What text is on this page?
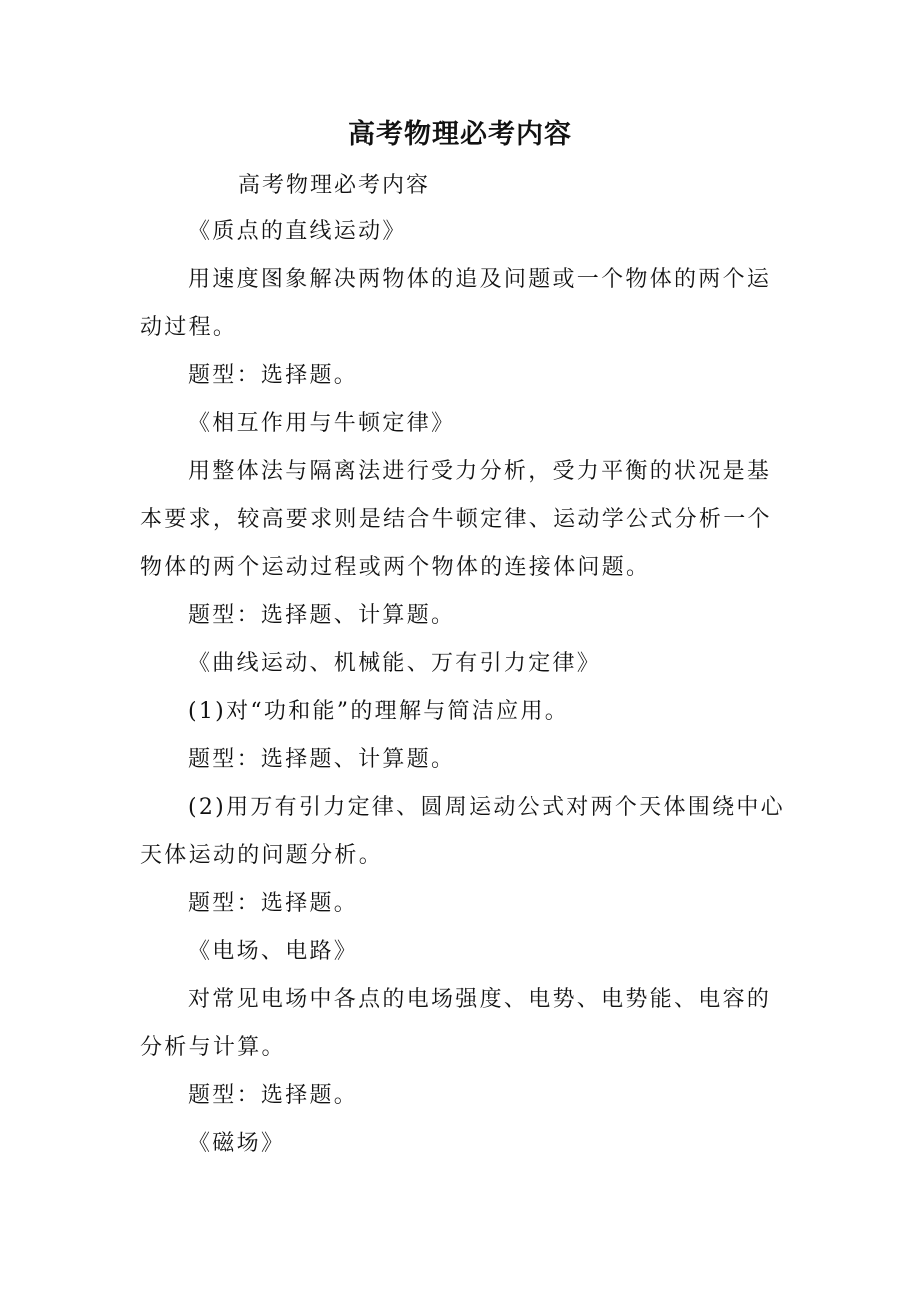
高考物理必考内容
高考物理必考内容

《质点的直线运动》

用速度图象解决两物体的追及问题或一个物体的两个运动过程。

题型：选择题。

《相互作用与牛顿定律》

用整体法与隔离法进行受力分析，受力平衡的状况是基本要求，较高要求则是结合牛顿定律、运动学公式分析一个物体的两个运动过程或两个物体的连接体问题。

题型：选择题、计算题。

《曲线运动、机械能、万有引力定律》

(1)对“功和能”的理解与简洁应用。

题型：选择题、计算题。

(2)用万有引力定律、圆周运动公式对两个天体围绕中心天体运动的问题分析。

题型：选择题。

《电场、电路》

对常见电场中各点的电场强度、电势、电势能、电容的分析与计算。

题型：选择题。

《磁场》
